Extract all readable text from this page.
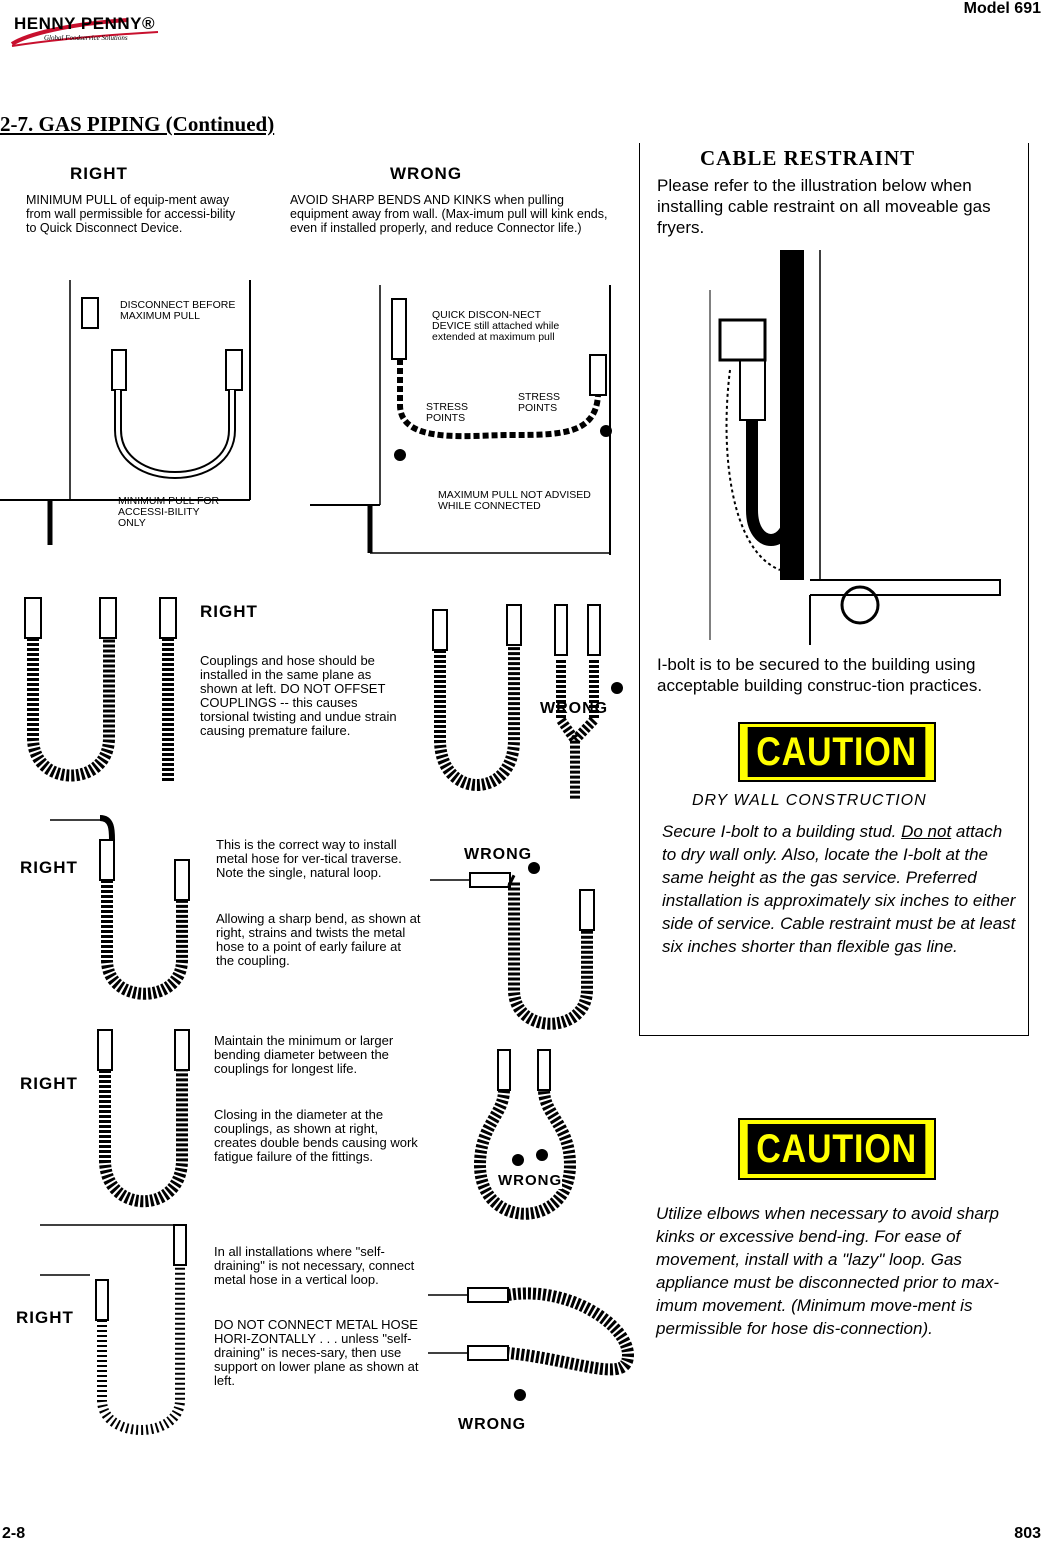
HENNY PENNY®
Global Foodservice Solutions
Model 691
2-7. GAS PIPING (Continued)
RIGHT
MINIMUM PULL of equip-ment away from wall permissible for accessi-bility to Quick Disconnect Device.
WRONG
AVOID SHARP BENDS AND KINKS when pulling equipment away from wall. (Max-imum pull will kink ends, even if installed properly, and reduce Connector life.)
DISCONNECT BEFORE MAXIMUM PULL
MINIMUM PULL FOR ACCESSI-BILITY ONLY
QUICK DISCON-NECT DEVICE still attached while extended at maximum pull
STRESS POINTS
STRESS POINTS
MAXIMUM PULL NOT ADVISED WHILE CONNECTED
RIGHT
Couplings and hose should be installed in the same plane as shown at left. DO NOT OFFSET COUPLINGS -- this causes torsional twisting and undue strain causing premature failure.
WRONG
RIGHT
This is the correct way to install metal hose for ver-tical traverse. Note the single, natural loop.
Allowing a sharp bend, as shown at right, strains and twists the metal hose to a point of early failure at the coupling.
WRONG
RIGHT
Maintain the minimum or larger bending diameter between the couplings for longest life.
Closing in the diameter at the couplings, as shown at right, creates double bends causing work fatigue failure of the fittings.
WRONG
RIGHT
In all installations where "self-draining" is not necessary, connect metal hose in a vertical loop.
DO NOT CONNECT METAL HOSE HORI-ZONTALLY . . . unless "self-draining" is neces-sary, then use support on lower plane as shown at left.
WRONG
CABLE RESTRAINT
Please refer to the illustration below when installing cable restraint on all moveable gas fryers.
I-bolt is to be secured to the building using acceptable building construc-tion practices.
CAUTION
DRY WALL CONSTRUCTION
Secure I-bolt to a building stud. Do not attach to dry wall only. Also, locate the I-bolt at the same height as the gas service. Preferred installation is approximately six inches to either side of service. Cable restraint must be at least six inches shorter than flexible gas line.
CAUTION
Utilize elbows when necessary to avoid sharp kinks or excessive bend-ing. For ease of movement, install with a "lazy" loop. Gas appliance must be disconnected prior to max-imum movement. (Minimum move-ment is permissible for hose dis-connection).
2-8	803
